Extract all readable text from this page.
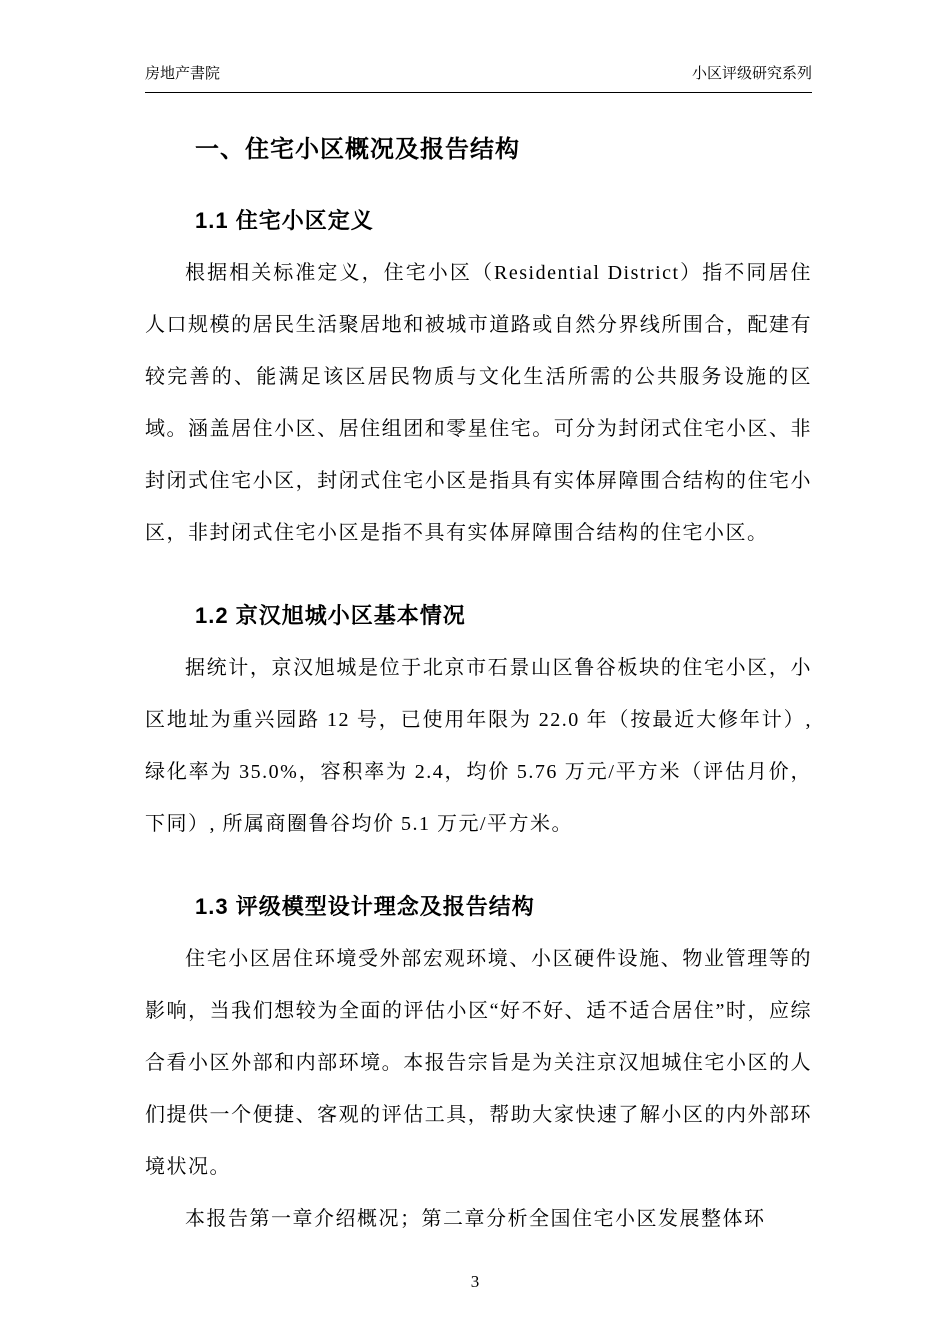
房地产書院	小区评级研究系列
一、住宅小区概况及报告结构
1.1 住宅小区定义

根据相关标准定义，住宅小区（Residential District）指不同居住人口规模的居民生活聚居地和被城市道路或自然分界线所围合，配建有较完善的、能满足该区居民物质与文化生活所需的公共服务设施的区域。涵盖居住小区、居住组团和零星住宅。可分为封闭式住宅小区、非封闭式住宅小区，封闭式住宅小区是指具有实体屏障围合结构的住宅小区，非封闭式住宅小区是指不具有实体屏障围合结构的住宅小区。

1.2 京汉旭城小区基本情况

据统计，京汉旭城是位于北京市石景山区鲁谷板块的住宅小区，小区地址为重兴园路 12 号，已使用年限为 22.0 年（按最近大修年计）, 绿化率为 35.0%，容积率为 2.4，均价 5.76 万元/平方米（评估月价，下同）, 所属商圈鲁谷均价 5.1 万元/平方米。

1.3 评级模型设计理念及报告结构

住宅小区居住环境受外部宏观环境、小区硬件设施、物业管理等的影响，当我们想较为全面的评估小区“好不好、适不适合居住”时，应综合看小区外部和内部环境。本报告宗旨是为关注京汉旭城住宅小区的人们提供一个便捷、客观的评估工具，帮助大家快速了解小区的内外部环境状况。

本报告第一章介绍概况；第二章分析全国住宅小区发展整体环

3
